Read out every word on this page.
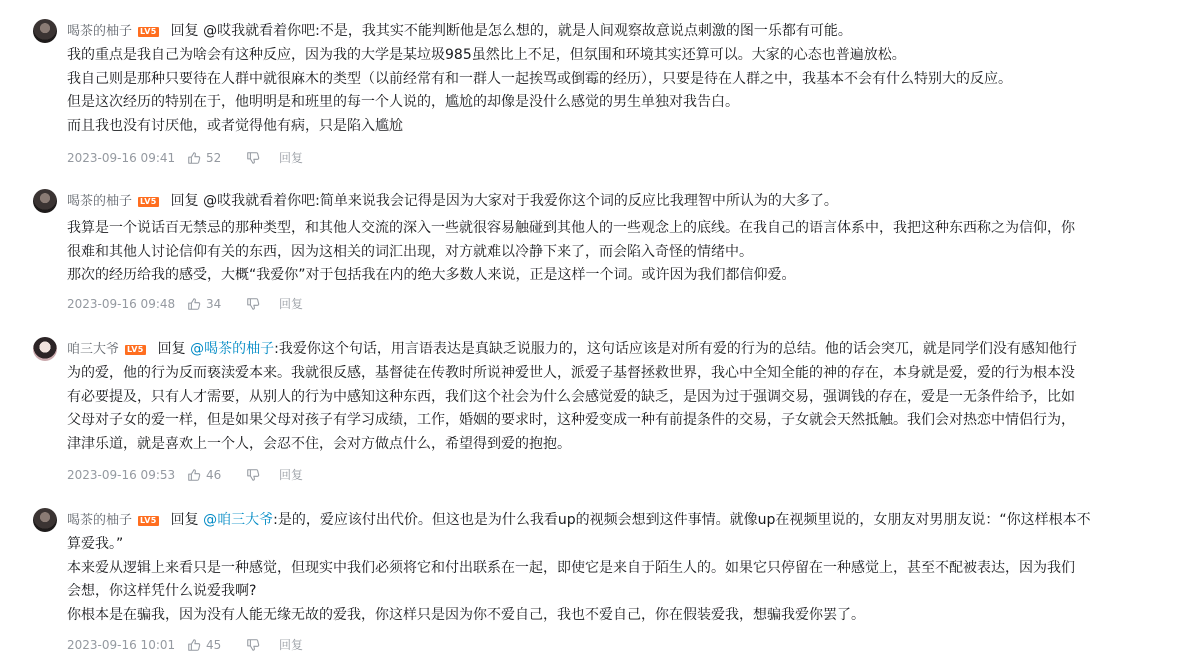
喝茶的柚子 LV5 回复 @哎我就看着你吧:不是，我其实不能判断他是怎么想的，就是人间观察故意说点刺激的图一乐都有可能。
我的重点是我自己为啥会有这种反应，因为我的大学是某垃圾985虽然比上不足，但氛围和环境其实还算可以。大家的心态也普遍放松。
我自己则是那种只要待在人群中就很麻木的类型（以前经常有和一群人一起挨骂或倒霉的经历），只要是待在人群之中，我基本不会有什么特别大的反应。
但是这次经历的特别在于，他明明是和班里的每一个人说的，尴尬的却像是没什么感觉的男生单独对我告白。
而且我也没有讨厌他，或者觉得他有病，只是陷入尴尬
2023-09-16 09:41	52	回复
喝茶的柚子 LV5 回复 @哎我就看着你吧:简单来说我会记得是因为大家对于我爱你这个词的反应比我理智中所认为的大多了。
我算是一个说话百无禁忌的那种类型，和其他人交流的深入一些就很容易触碰到其他人的一些观念上的底线。在我自己的语言体系中，我把这种东西称之为信仰，你
很难和其他人讨论信仰有关的东西，因为这相关的词汇出现，对方就难以冷静下来了，而会陷入奇怪的情绪中。
那次的经历给我的感受，大概“我爱你”对于包括我在内的绝大多数人来说，正是这样一个词。或许因为我们都信仰爱。
2023-09-16 09:48	34	回复
咱三大爷 LV5 回复 @喝茶的柚子:我爱你这个句话，用言语表达是真缺乏说服力的，这句话应该是对所有爱的行为的总结。他的话会突兀，就是同学们没有感知他行
为的爱，他的行为反而亵渎爱本来。我就很反感，基督徒在传教时所说神爱世人，派爱子基督拯救世界，我心中全知全能的神的存在，本身就是爱，爱的行为根本没
有必要提及，只有人才需要，从别人的行为中感知这种东西，我们这个社会为什么会感觉爱的缺乏，是因为过于强调交易，强调钱的存在，爱是一无条件给予，比如
父母对子女的爱一样，但是如果父母对孩子有学习成绩，工作，婚姻的要求时，这种爱变成一种有前提条件的交易，子女就会天然抵触。我们会对热恋中情侣行为，
津津乐道，就是喜欢上一个人，会忍不住，会对方做点什么，希望得到爱的抱抱。
2023-09-16 09:53	46	回复
喝茶的柚子 LV5 回复 @咱三大爷:是的，爱应该付出代价。但这也是为什么我看up的视频会想到这件事情。就像up在视频里说的，女朋友对男朋友说：“你这样根本不
算爱我。”
本来爱从逻辑上来看只是一种感觉，但现实中我们必须将它和付出联系在一起，即使它是来自于陌生人的。如果它只停留在一种感觉上，甚至不配被表达，因为我们
会想，你这样凭什么说爱我啊?
你根本是在骗我，因为没有人能无缘无故的爱我，你这样只是因为你不爱自己，我也不爱自己，你在假装爱我，想骗我爱你罢了。
2023-09-16 10:01	45	回复
